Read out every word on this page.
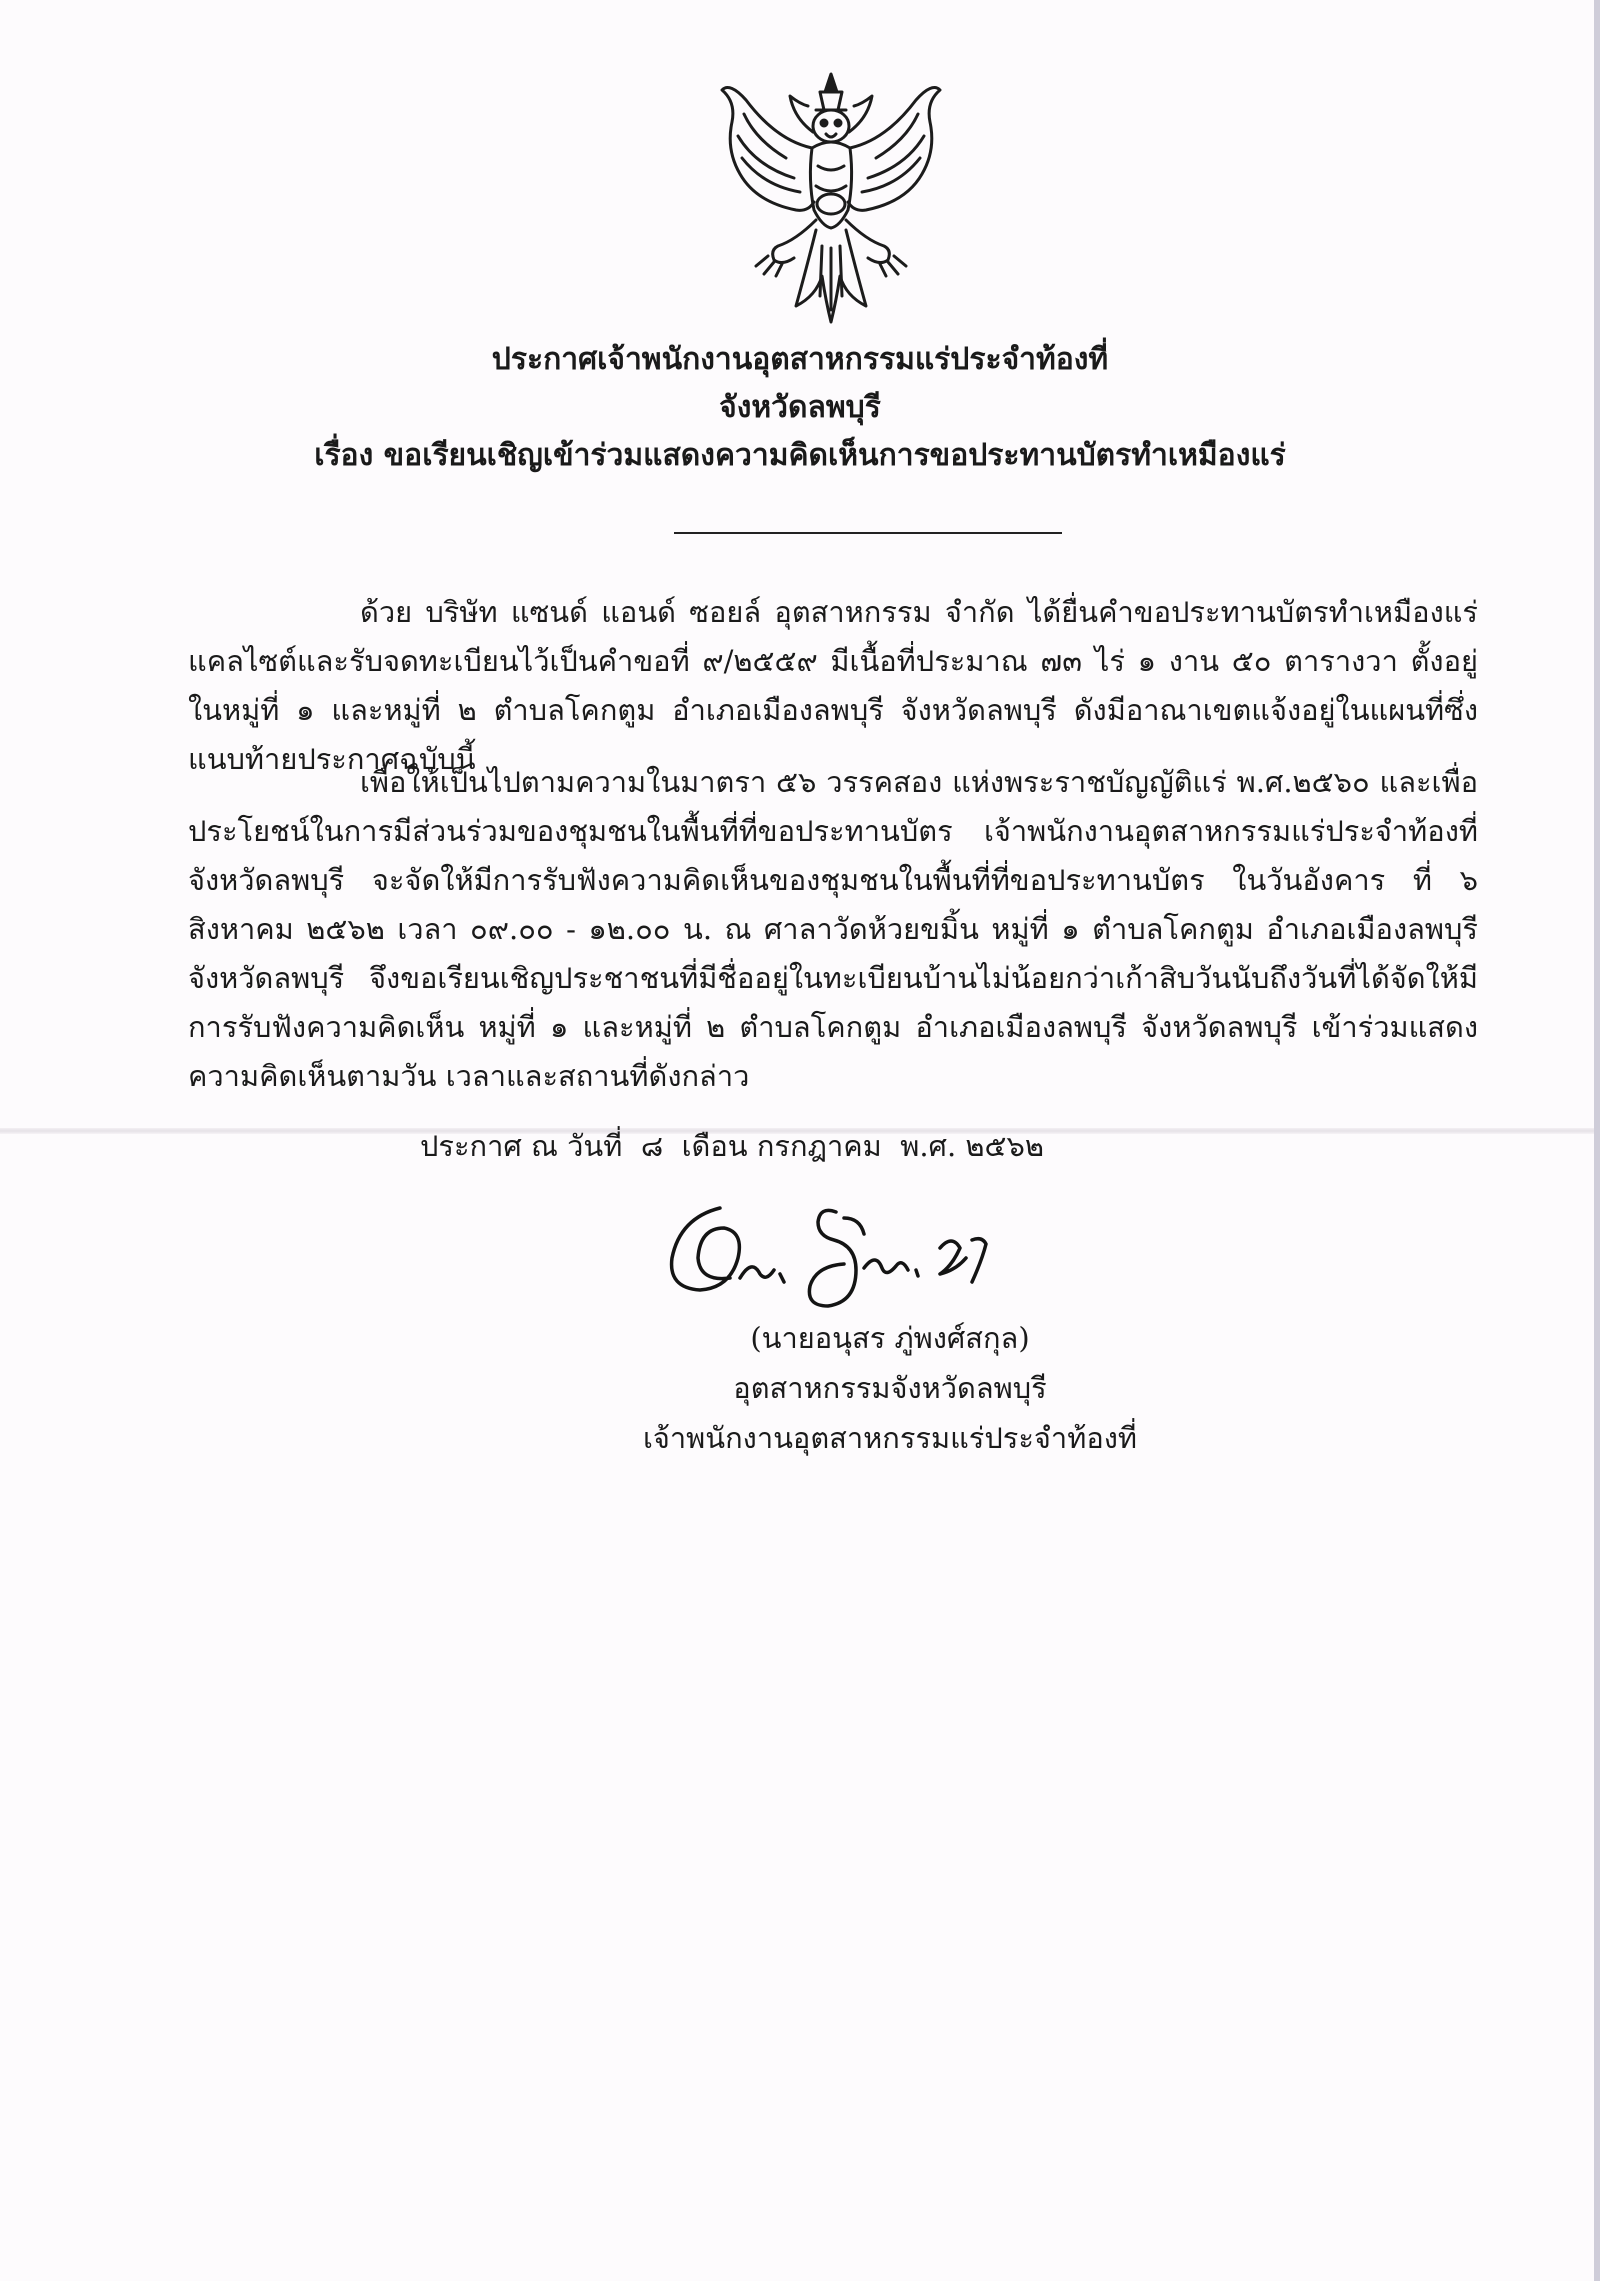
ประกาศเจ้าพนักงานอุตสาหกรรมแร่ประจำท้องที่
จังหวัดลพบุรี
เรื่อง ขอเรียนเชิญเข้าร่วมแสดงความคิดเห็นการขอประทานบัตรทำเหมืองแร่

ด้วย บริษัท แซนด์ แอนด์ ซอยล์ อุตสาหกรรม จำกัด ได้ยื่นคำขอประทานบัตรทำเหมืองแร่แคลไซต์และรับจดทะเบียนไว้เป็นคำขอที่ ๙/๒๕๕๙ มีเนื้อที่ประมาณ ๗๓ ไร่ ๑ งาน ๕๐ ตารางวา ตั้งอยู่ในหมู่ที่ ๑ และหมู่ที่ ๒ ตำบลโคกตูม อำเภอเมืองลพบุรี จังหวัดลพบุรี ดังมีอาณาเขตแจ้งอยู่ในแผนที่ซึ่งแนบท้ายประกาศฉบับนี้

เพื่อให้เป็นไปตามความในมาตรา ๕๖ วรรคสอง แห่งพระราชบัญญัติแร่ พ.ศ.๒๕๖๐ และเพื่อประโยชน์ในการมีส่วนร่วมของชุมชนในพื้นที่ที่ขอประทานบัตร เจ้าพนักงานอุตสาหกรรมแร่ประจำท้องที่จังหวัดลพบุรี จะจัดให้มีการรับฟังความคิดเห็นของชุมชนในพื้นที่ที่ขอประทานบัตร ในวันอังคาร ที่ ๖ สิงหาคม ๒๕๖๒ เวลา ๐๙.๐๐ - ๑๒.๐๐ น. ณ ศาลาวัดห้วยขมิ้น หมู่ที่ ๑ ตำบลโคกตูม อำเภอเมืองลพบุรี จังหวัดลพบุรี จึงขอเรียนเชิญประชาชนที่มีชื่ออยู่ในทะเบียนบ้านไม่น้อยกว่าเก้าสิบวันนับถึงวันที่ได้จัดให้มีการรับฟังความคิดเห็น หมู่ที่ ๑ และหมู่ที่ ๒ ตำบลโคกตูม อำเภอเมืองลพบุรี จังหวัดลพบุรี เข้าร่วมแสดงความคิดเห็นตามวัน เวลาและสถานที่ดังกล่าว

ประกาศ ณ วันที่  ๘  เดือน กรกฎาคม  พ.ศ. ๒๕๖๒
(นายอนุสร ภู่พงศ์สกุล)
อุตสาหกรรมจังหวัดลพบุรี
เจ้าพนักงานอุตสาหกรรมแร่ประจำท้องที่
